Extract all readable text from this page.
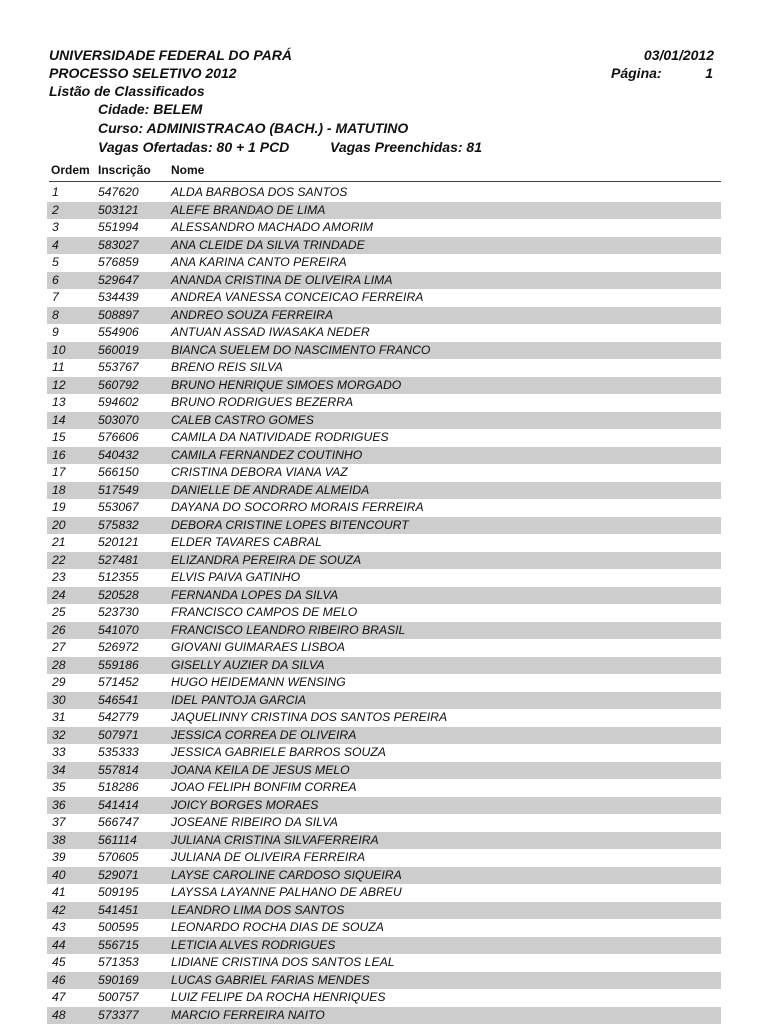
UNIVERSIDADE FEDERAL DO PARÁ
PROCESSO SELETIVO 2012
Listão de Classificados
Cidade: BELEM
Curso: ADMINISTRACAO (BACH.) - MATUTINO
Vagas Ofertadas: 80 + 1 PCD	Vagas Preenchidas: 81
03/01/2012
Página:	1
Ordem Inscrição Nome
1	547620	ALDA BARBOSA DOS SANTOS
2	503121	ALEFE BRANDAO DE LIMA
3	551994	ALESSANDRO MACHADO AMORIM
4	583027	ANA CLEIDE DA SILVA TRINDADE
5	576859	ANA KARINA CANTO PEREIRA
6	529647	ANANDA CRISTINA DE OLIVEIRA LIMA
7	534439	ANDREA VANESSA CONCEICAO FERREIRA
8	508897	ANDREO SOUZA FERREIRA
9	554906	ANTUAN ASSAD IWASAKA NEDER
10	560019	BIANCA SUELEM DO NASCIMENTO FRANCO
11	553767	BRENO REIS SILVA
12	560792	BRUNO HENRIQUE SIMOES MORGADO
13	594602	BRUNO RODRIGUES BEZERRA
14	503070	CALEB CASTRO GOMES
15	576606	CAMILA DA NATIVIDADE RODRIGUES
16	540432	CAMILA FERNANDEZ COUTINHO
17	566150	CRISTINA DEBORA VIANA VAZ
18	517549	DANIELLE DE ANDRADE ALMEIDA
19	553067	DAYANA DO SOCORRO MORAIS FERREIRA
20	575832	DEBORA CRISTINE LOPES BITENCOURT
21	520121	ELDER TAVARES CABRAL
22	527481	ELIZANDRA PEREIRA DE SOUZA
23	512355	ELVIS PAIVA GATINHO
24	520528	FERNANDA LOPES DA SILVA
25	523730	FRANCISCO CAMPOS DE MELO
26	541070	FRANCISCO LEANDRO RIBEIRO BRASIL
27	526972	GIOVANI GUIMARAES LISBOA
28	559186	GISELLY AUZIER DA SILVA
29	571452	HUGO HEIDEMANN WENSING
30	546541	IDEL PANTOJA GARCIA
31	542779	JAQUELINNY CRISTINA DOS SANTOS PEREIRA
32	507971	JESSICA CORREA DE OLIVEIRA
33	535333	JESSICA GABRIELE BARROS SOUZA
34	557814	JOANA KEILA DE JESUS MELO
35	518286	JOAO FELIPH BONFIM CORREA
36	541414	JOICY BORGES MORAES
37	566747	JOSEANE RIBEIRO DA SILVA
38	561114	JULIANA CRISTINA SILVAFERREIRA
39	570605	JULIANA DE OLIVEIRA FERREIRA
40	529071	LAYSE CAROLINE CARDOSO SIQUEIRA
41	509195	LAYSSA LAYANNE PALHANO DE ABREU
42	541451	LEANDRO LIMA DOS SANTOS
43	500595	LEONARDO ROCHA DIAS DE SOUZA
44	556715	LETICIA ALVES RODRIGUES
45	571353	LIDIANE CRISTINA DOS SANTOS LEAL
46	590169	LUCAS GABRIEL FARIAS MENDES
47	500757	LUIZ FELIPE DA ROCHA HENRIQUES
48	573377	MARCIO FERREIRA NAITO
